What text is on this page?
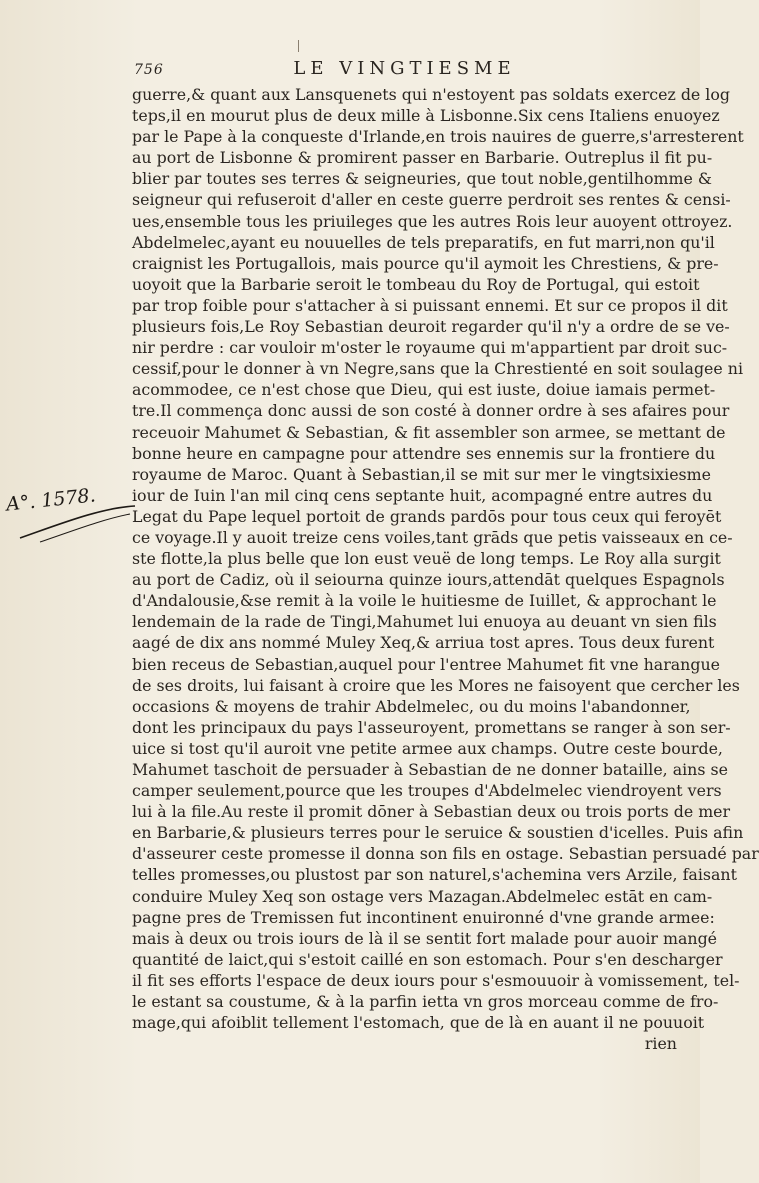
756	LE VINGTIESME
A°. 1578.
guerre,& quant aux Lansquenets qui n'estoyent pas soldats exercez de log
teps,il en mourut plus de deux mille à Lisbonne.Six cens Italiens enuoyez
par le Pape à la conqueste d'Irlande,en trois nauires de guerre,s'arresterent
au port de Lisbonne & promirent passer en Barbarie. Outreplus il fit pu-
blier par toutes ses terres & seigneuries, que tout noble,gentilhomme &
seigneur qui refuseroit d'aller en ceste guerre perdroit ses rentes & censi-
ues,ensemble tous les priuileges que les autres Rois leur auoyent ottroyez.
Abdelmelec,ayant eu nouuelles de tels preparatifs, en fut marri,non qu'il
craignist les Portugallois, mais pource qu'il aymoit les Chrestiens, & pre-
uoyoit que la Barbarie seroit le tombeau du Roy de Portugal, qui estoit
par trop foible pour s'attacher à si puissant ennemi. Et sur ce propos il dit
plusieurs fois,Le Roy Sebastian deuroit regarder qu'il n'y a ordre de se ve-
nir perdre : car vouloir m'oster le royaume qui m'appartient par droit suc-
cessif,pour le donner à vn Negre,sans que la Chrestienté en soit soulagee ni
acommodee, ce n'est chose que Dieu, qui est iuste, doiue iamais permet-
tre.Il commença donc aussi de son costé à donner ordre à ses afaires pour
receuoir Mahumet & Sebastian, & fit assembler son armee, se mettant de
bonne heure en campagne pour attendre ses ennemis sur la frontiere du
royaume de Maroc. Quant à Sebastian,il se mit sur mer le vingtsixiesme
iour de Iuin l'an mil cinq cens septante huit, acompagné entre autres du
Legat du Pape lequel portoit de grands pardōs pour tous ceux qui feroyēt
ce voyage.Il y auoit treize cens voiles,tant grāds que petis vaisseaux en ce-
ste flotte,la plus belle que lon eust veuë de long temps. Le Roy alla surgit
au port de Cadiz, où il seiourna quinze iours,attendāt quelques Espagnols
d'Andalousie,&se remit à la voile le huitiesme de Iuillet, & approchant le
lendemain de la rade de Tingi,Mahumet lui enuoya au deuant vn sien fils
aagé de dix ans nommé Muley Xeq,& arriua tost apres. Tous deux furent
bien receus de Sebastian,auquel pour l'entree Mahumet fit vne harangue
de ses droits, lui faisant à croire que les Mores ne faisoyent que cercher les
occasions & moyens de trahir Abdelmelec, ou du moins l'abandonner,
dont les principaux du pays l'asseuroyent, promettans se ranger à son ser-
uice si tost qu'il auroit vne petite armee aux champs. Outre ceste bourde,
Mahumet taschoit de persuader à Sebastian de ne donner bataille, ains se
camper seulement,pource que les troupes d'Abdelmelec viendroyent vers
lui à la file.Au reste il promit dōner à Sebastian deux ou trois ports de mer
en Barbarie,& plusieurs terres pour le seruice & soustien d'icelles. Puis afin
d'asseurer ceste promesse il donna son fils en ostage. Sebastian persuadé par
telles promesses,ou plustost par son naturel,s'achemina vers Arzile, faisant
conduire Muley Xeq son ostage vers Mazagan.Abdelmelec estāt en cam-
pagne pres de Tremissen fut incontinent enuironné d'vne grande armee:
mais à deux ou trois iours de là il se sentit fort malade pour auoir mangé
quantité de laict,qui s'estoit caillé en son estomach. Pour s'en descharger
il fit ses efforts l'espace de deux iours pour s'esmouuoir à vomissement, tel-
le estant sa coustume, & à la parfin ietta vn gros morceau comme de fro-
mage,qui afoiblit tellement l'estomach, que de là en auant il ne pouuoit
rien
